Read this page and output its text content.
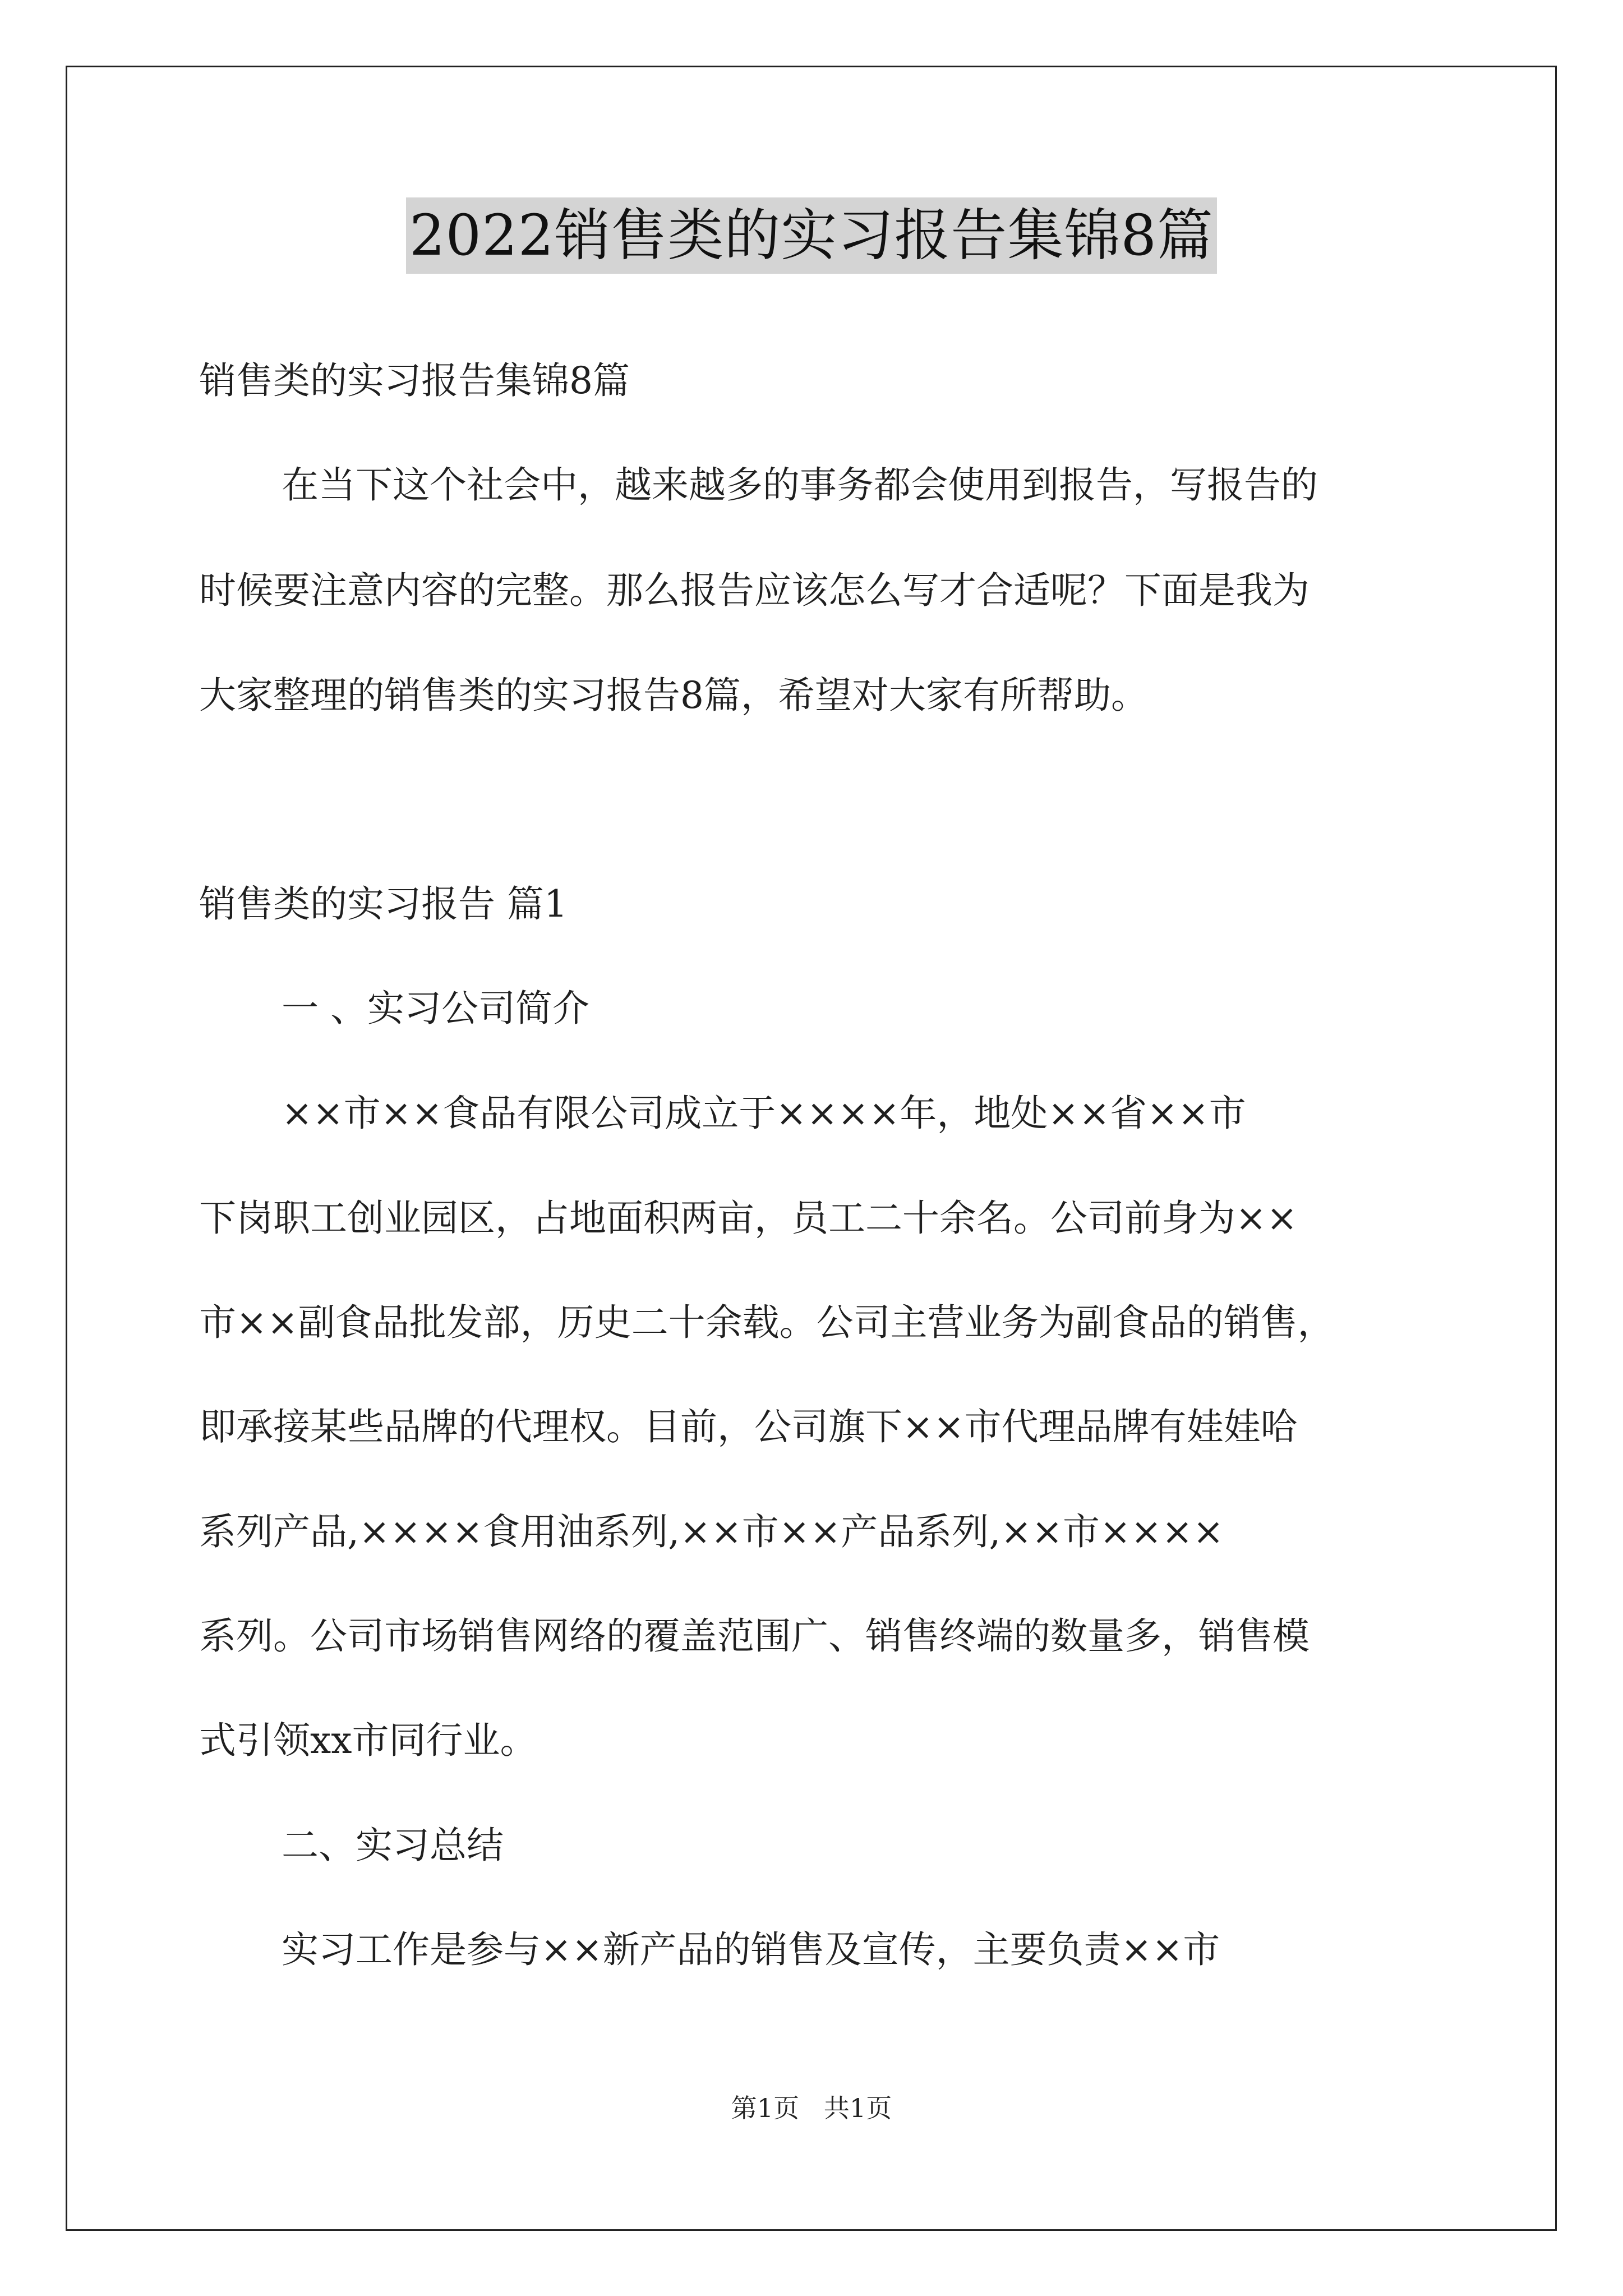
2022销售类的实习报告集锦8篇
销售类的实习报告集锦8篇
在当下这个社会中，越来越多的事务都会使用到报告，写报告的
时候要注意内容的完整。那么报告应该怎么写才合适呢？下面是我为
大家整理的销售类的实习报告8篇，希望对大家有所帮助。
销售类的实习报告 篇1
一 、实习公司简介
××市××食品有限公司成立于××××年，地处××省××市
下岗职工创业园区，占地面积两亩，员工二十余名。公司前身为××
市××副食品批发部，历史二十余载。公司主营业务为副食品的销售，
即承接某些品牌的代理权。目前，公司旗下××市代理品牌有娃娃哈
系列产品,××××食用油系列,××市××产品系列,××市××××
系列。公司市场销售网络的覆盖范围广、销售终端的数量多，销售模
式引领xx市同行业。
二、实习总结
实习工作是参与××新产品的销售及宣传，主要负责××市
第1页   共1页
